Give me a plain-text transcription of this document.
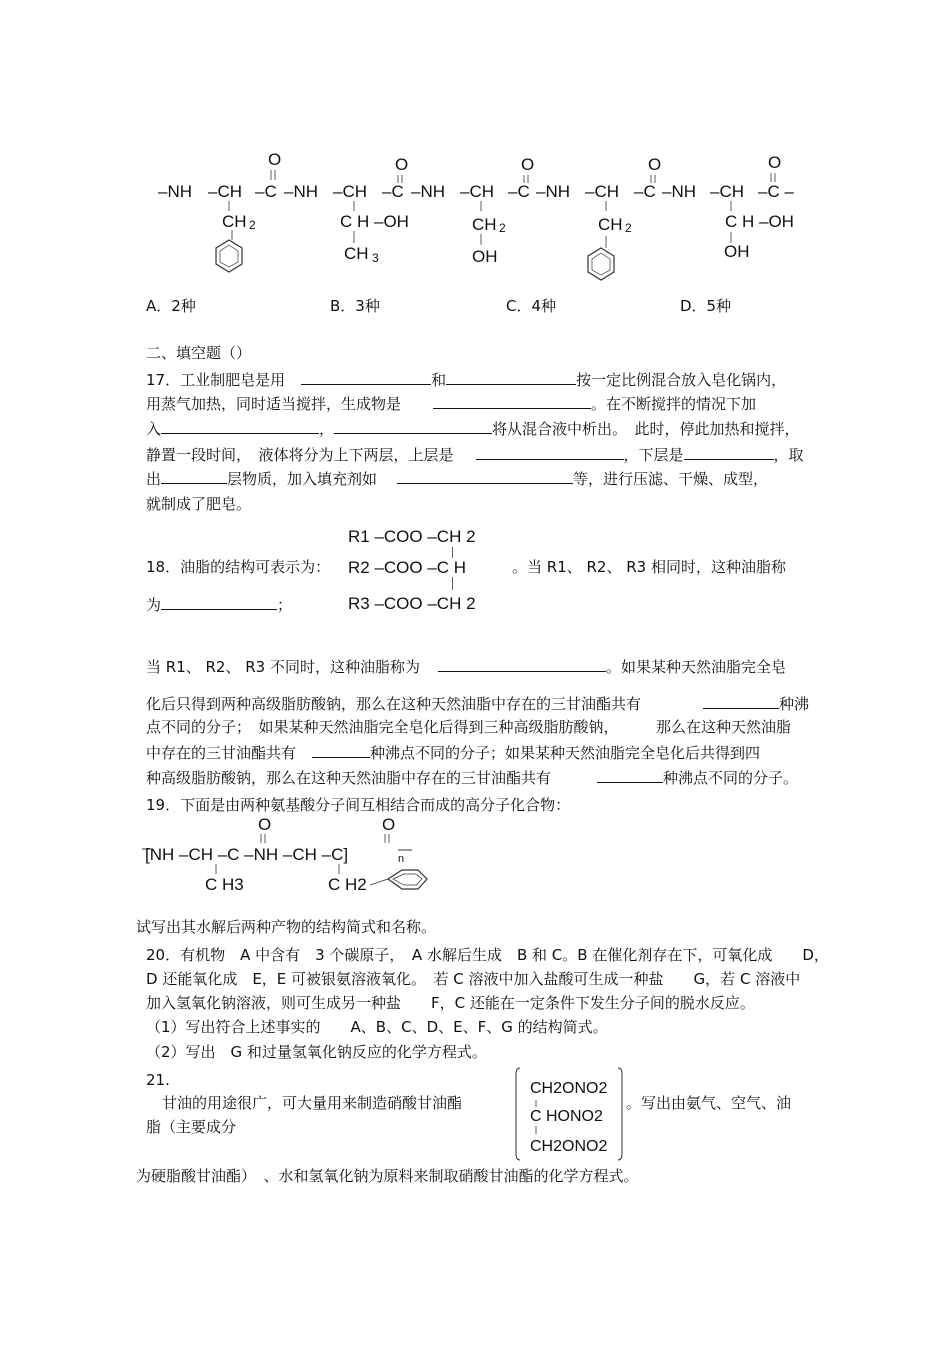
O	O	O	O	O
–NH –CH –C –NH –CH –C –NH –CH –C –NH –CH –C –NH –CH –C –
CH 2	C H –OH
CH 3
CH 2
OH
CH 2	C H –OH
OH
A．2种	B．3种	C．4种	D．5种
二、填空题（）
17．工业制肥皂是用	和	按一定比例混合放入皂化锅内，
用蒸气加热，同时适当搅拌，生成物是	。在不断搅拌的情况下加
入	，	将从混合液中析出。　此时，停此加热和搅拌，
静置一段时间，　液体将分为上下两层，上层是	，下层是	，取
出	层物质，加入填充剂如	等，进行压滤、干燥、成型，
就制成了肥皂。
18．油脂的结构可表示为：
R1 –COO –CH 2
R2 –COO –C H
R3 –COO –CH 2
。当 R1、 R2、 R3 相同时，这种油脂称
为	；
当 R1、 R2、 R3 不同时，这种油脂称为	。如果某种天然油脂完全皂
化后只得到两种高级脂肪酸钠，那么在这种天然油脂中存在的三甘油酯共有	种沸
点不同的分子；　如果某种天然油脂完全皂化后得到三种高级脂肪酸钠，　　　那么在这种天然油脂
中存在的三甘油酯共有	种沸点不同的分子；如果某种天然油脂完全皂化后共得到四
种高级脂肪酸钠，那么在这种天然油脂中存在的三甘油酯共有	种沸点不同的分子。
19．下面是由两种氨基酸分子间互相结合而成的高分子化合物：
O	O
[NH –CH –C –NH –CH –C]	n
C H3	C H2
试写出其水解后两种产物的结构简式和名称。
20．有机物　A 中含有　3 个碳原子，　A 水解后生成　B 和 C。B 在催化剂存在下，可氧化成　　D，
D 还能氧化成　E，E 可被银氨溶液氧化。　若 C 溶液中加入盐酸可生成一种盐　　G，若 C 溶液中
加入氢氧化钠溶液，则可生成另一种盐　　F，C 还能在一定条件下发生分子间的脱水反应。
（1）写出符合上述事实的　　A、B、C、D、E、F、G 的结构简式。
（2）写出　G 和过量氢氧化钠反应的化学方程式。
21.
甘油的用途很广，可大量用来制造硝酸甘油酯
脂（主要成分
CH2ONO2
C HONO2
CH2ONO2
。写出由氨气、空气、油
为硬脂酸甘油酯）　、水和氢氧化钠为原料来制取硝酸甘油酯的化学方程式。
